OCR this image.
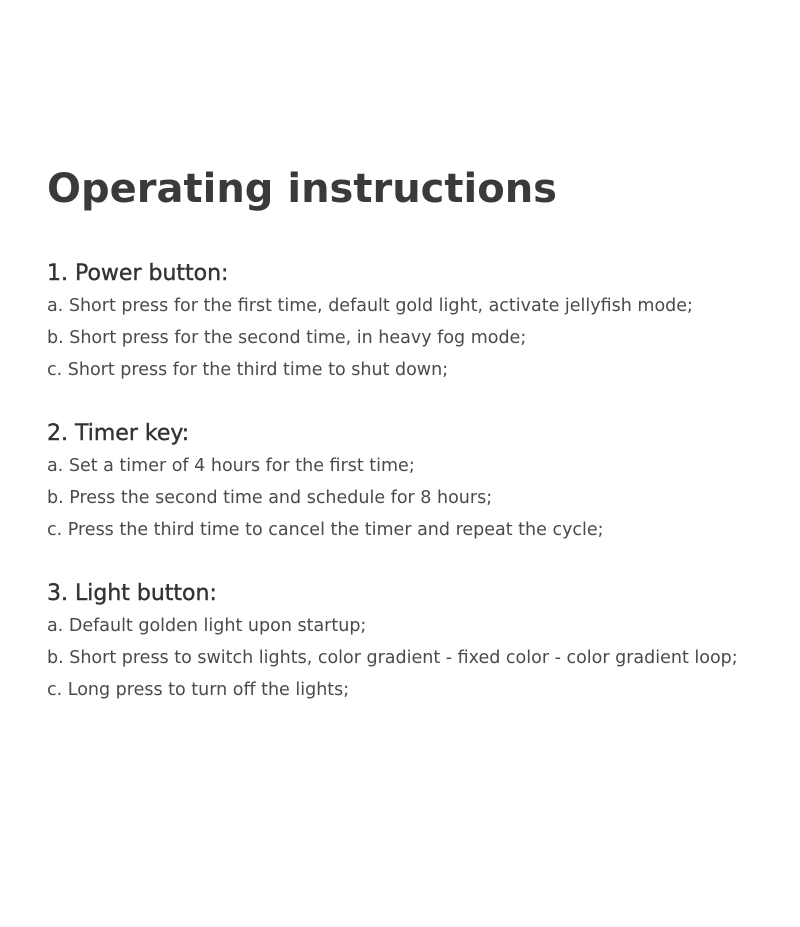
Operating instructions
1. Power button:

a. Short press for the first time, default gold light, activate jellyfish mode;

b. Short press for the second time, in heavy fog mode;

c. Short press for the third time to shut down;

2. Timer key:

a. Set a timer of 4 hours for the first time;

b. Press the second time and schedule for 8 hours;

c. Press the third time to cancel the timer and repeat the cycle;

3. Light button:

a. Default golden light upon startup;

b. Short press to switch lights, color gradient - fixed color - color gradient loop;

c. Long press to turn off the lights;
